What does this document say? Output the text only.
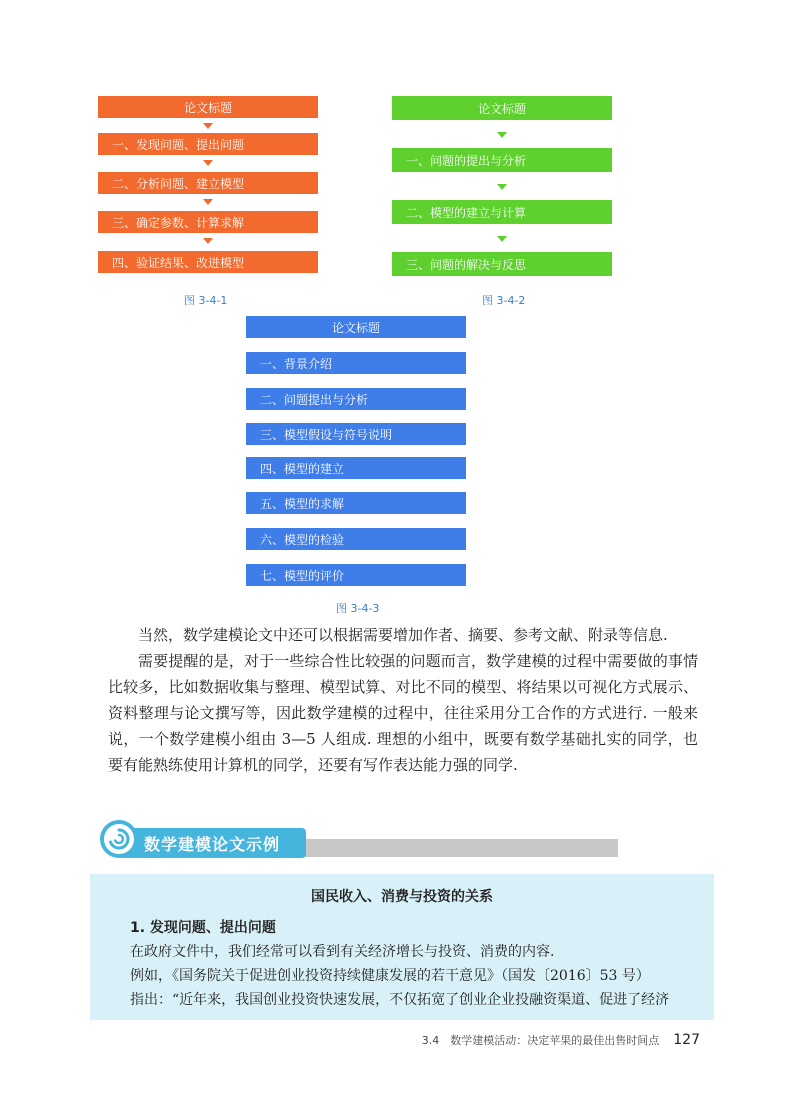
论文标题
一、发现问题、提出问题
二、分析问题、建立模型
三、确定参数、计算求解
四、验证结果、改进模型
图 3-4-1
论文标题
一、问题的提出与分析
二、模型的建立与计算
三、问题的解决与反思
图 3-4-2
论文标题
一、背景介绍
二、问题提出与分析
三、模型假设与符号说明
四、模型的建立
五、模型的求解
六、模型的检验
七、模型的评价
图 3-4-3

当然，数学建模论文中还可以根据需要增加作者、摘要、参考文献、附录等信息.

需要提醒的是，对于一些综合性比较强的问题而言，数学建模的过程中需要做的事情比较多，比如数据收集与整理、模型试算、对比不同的模型、将结果以可视化方式展示、资料整理与论文撰写等，因此数学建模的过程中，往往采用分工合作的方式进行. 一般来说，一个数学建模小组由 3—5 人组成. 理想的小组中，既要有数学基础扎实的同学，也要有能熟练使用计算机的同学，还要有写作表达能力强的同学.

数学建模论文示例
国民收入、消费与投资的关系
1. 发现问题、提出问题
在政府文件中，我们经常可以看到有关经济增长与投资、消费的内容.
例如，《国务院关于促进创业投资持续健康发展的若干意见》（国发〔2016〕53 号）
指出：“近年来，我国创业投资快速发展，不仅拓宽了创业企业投融资渠道、促进了经济
3.4　数学建模活动：决定苹果的最佳出售时间点 127
